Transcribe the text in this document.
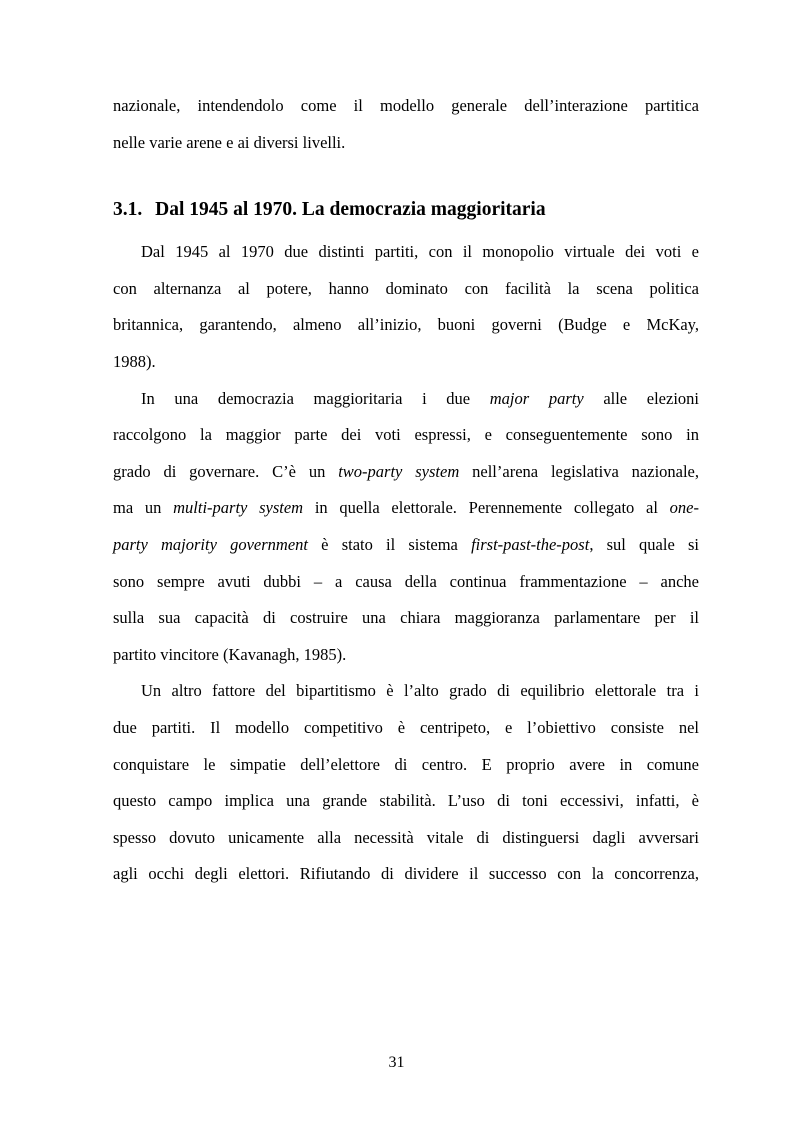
nazionale, intendendolo come il modello generale dell’interazione partitica
nelle varie arene e ai diversi livelli.
3.1. Dal 1945 al 1970. La democrazia maggioritaria
Dal 1945 al 1970 due distinti partiti, con il monopolio virtuale dei voti e
con alternanza al potere, hanno dominato con facilità la scena politica
britannica, garantendo, almeno all’inizio, buoni governi (Budge e McKay,
1988).
In una democrazia maggioritaria i due major party alle elezioni
raccolgono la maggior parte dei voti espressi, e conseguentemente sono in
grado di governare. C’è un two-party system nell’arena legislativa nazionale,
ma un multi-party system in quella elettorale. Perennemente collegato al one-
party majority government è stato il sistema first-past-the-post, sul quale si
sono sempre avuti dubbi – a causa della continua frammentazione – anche
sulla sua capacità di costruire una chiara maggioranza parlamentare per il
partito vincitore (Kavanagh, 1985).
Un altro fattore del bipartitismo è l’alto grado di equilibrio elettorale tra i
due partiti. Il modello competitivo è centripeto, e l’obiettivo consiste nel
conquistare le simpatie dell’elettore di centro. E proprio avere in comune
questo campo implica una grande stabilità. L’uso di toni eccessivi, infatti, è
spesso dovuto unicamente alla necessità vitale di distinguersi dagli avversari
agli occhi degli elettori. Rifiutando di dividere il successo con la concorrenza,
31
